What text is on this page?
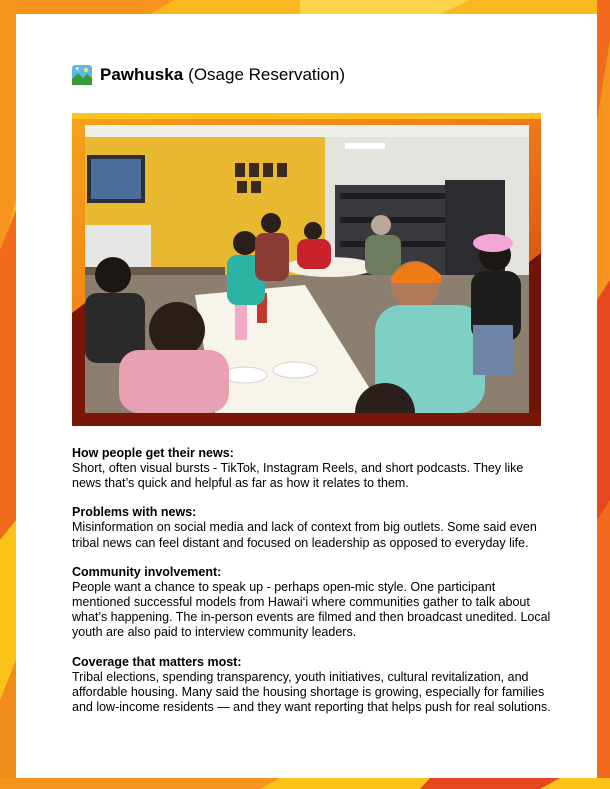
Pawhuska (Osage Reservation)
How people get their news:

Short, often visual bursts - TikTok, Instagram Reels, and short podcasts. They like news that’s quick and helpful as far as how it relates to them.

Problems with news:

Misinformation on social media and lack of context from big outlets. Some said even tribal news can feel distant and focused on leadership as opposed to everyday life.

Community involvement:

People want a chance to speak up - perhaps open-mic style. One participant mentioned successful models from Hawai‘i where communities gather to talk about what’s happening. The in-person events are filmed and then broadcast unedited. Local youth are also paid to interview community leaders.

Coverage that matters most:

Tribal elections, spending transparency, youth initiatives, cultural revitalization, and affordable housing. Many said the housing shortage is growing, especially for families and low-income residents — and they want reporting that helps push for real solutions.
